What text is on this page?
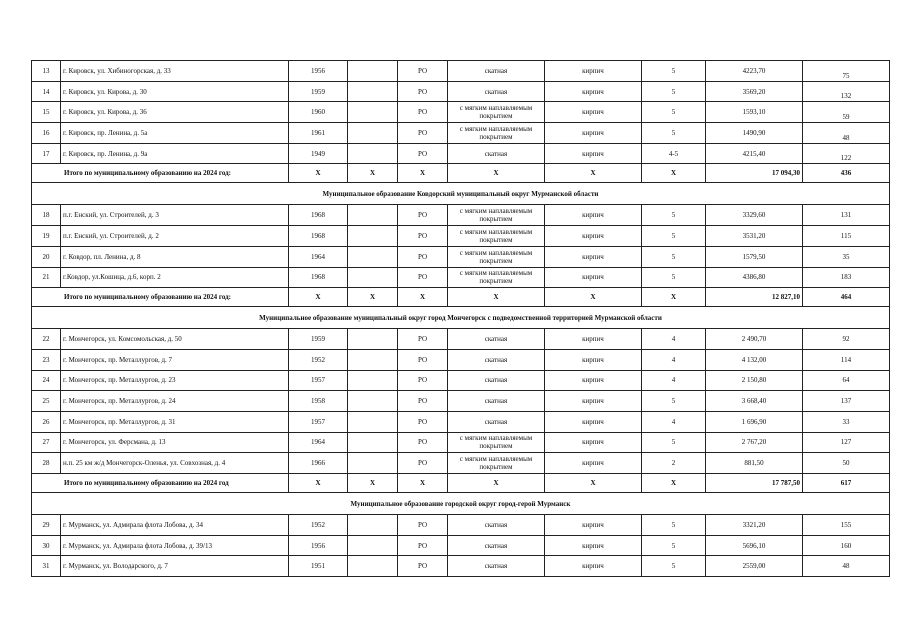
13	г. Кировск, ул. Хибиногорская, д. 33	1956		РО	скатная	кирпич	5	4223,70	75
14	г. Кировск, ул. Кирова, д. 30	1959		РО	скатная	кирпич	5	3569,20	132
15	г. Кировск, ул. Кирова, д. 36	1960		РО	с мягким наплавляемым покрытием	кирпич	5	1593,10	59
16	г. Кировск, пр. Ленина, д. 5а	1961		РО	с мягким наплавляемым покрытием	кирпич	5	1490,90	48
17	г. Кировск, пр. Ленина, д. 9а	1949		РО	скатная	кирпич	4-5	4215,40	122
Итого по муниципальному образованию на 2024 год:		X	X	X	X	X	X	17 094,30	436
Муниципальное образование Ковдорский муниципальный округ Мурманской области									
18	п.г. Енский, ул. Строителей, д. 3	1968		РО	с мягким наплавляемым покрытием	кирпич	5	3329,60	131
19	п.г. Енский, ул. Строителей, д. 2	1968		РО	с мягким наплавляемым покрытием	кирпич	5	3531,20	115
20	г. Ковдор, пл. Ленина, д. 8	1964		РО	с мягким наплавляемым покрытием	кирпич	5	1579,50	35
21	г.Ковдор, ул.Кошица, д.6, корп. 2	1968		РО	с мягким наплавляемым покрытием	кирпич	5	4386,80	183
Итого по муниципальному образованию на 2024 год:		X	X	X	X	X	X	12 827,10	464
Муниципальное образование муниципальный округ город Мончегорск с подведомственной территорией Мурманской области									
22	г. Мончегорск, ул. Комсомольская, д. 50	1959		РО	скатная	кирпич	4	2 490,70	92
23	г. Мончегорск, пр. Металлургов, д. 7	1952		РО	скатная	кирпич	4	4 132,00	114
24	г. Мончегорск, пр. Металлургов, д. 23	1957		РО	скатная	кирпич	4	2 150,80	64
25	г. Мончегорск, пр. Металлургов, д. 24	1958		РО	скатная	кирпич	5	3 668,40	137
26	г. Мончегорск, пр. Металлургов, д. 31	1957		РО	скатная	кирпич	4	1 696,90	33
27	г. Мончегорск, ул. Ферсмана, д. 13	1964		РО	с мягким наплавляемым покрытием	кирпич	5	2 767,20	127
28	н.п. 25 км ж/д Мончегорск-Оленья, ул. Совхозная, д. 4	1966		РО	с мягким наплавляемым покрытием	кирпич	2	881,50	50
Итого по муниципальному образованию на 2024 год		X	X	X	X	X	X	17 787,50	617
Муниципальное образование городской округ город-герой Мурманск									
29	г. Мурманск, ул. Адмирала флота Лобова, д. 34	1952		РО	скатная	кирпич	5	3321,20	155
30	г. Мурманск, ул. Адмирала флота Лобова, д. 39/13	1956		РО	скатная	кирпич	5	5696,10	160
31	г. Мурманск, ул. Володарского, д. 7	1951		РО	скатная	кирпич	5	2559,00	48
